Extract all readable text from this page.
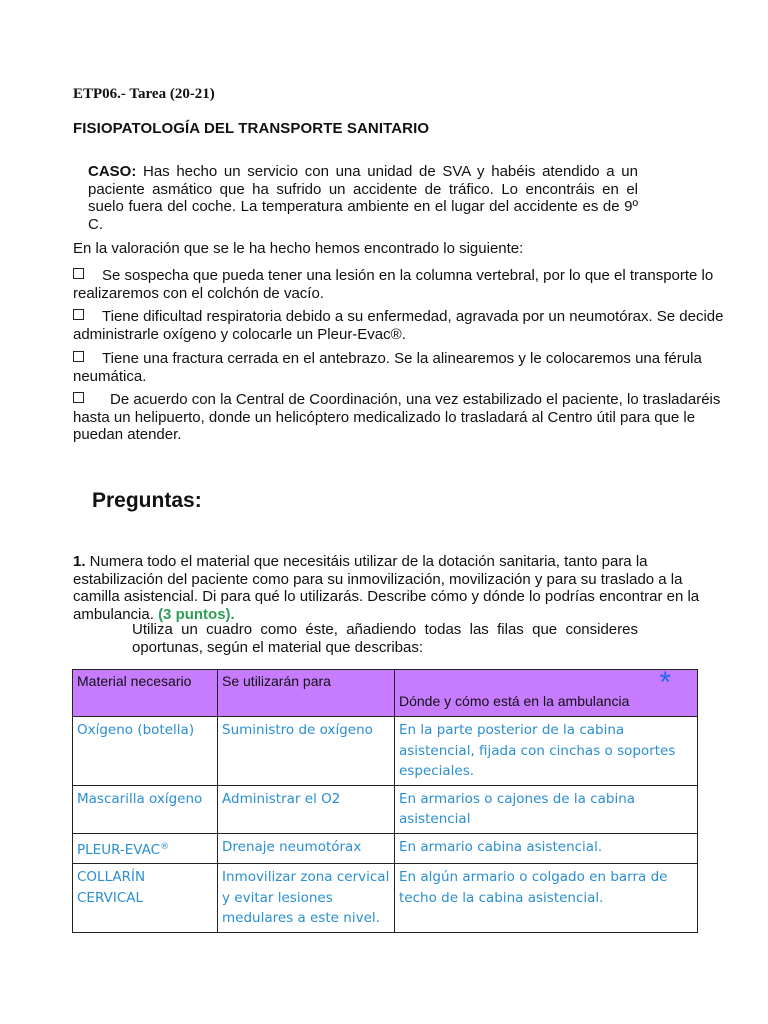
ETP06.- Tarea (20-21)
FISIOPATOLOGÍA DEL TRANSPORTE SANITARIO
CASO: Has hecho un servicio con una unidad de SVA y habéis atendido a un paciente asmático que ha sufrido un accidente de tráfico. Lo encontráis en el suelo fuera del coche. La temperatura ambiente en el lugar del accidente es de 9º C.
En la valoración que se le ha hecho hemos encontrado lo siguiente:
Se sospecha que pueda tener una lesión en la columna vertebral, por lo que el transporte lo realizaremos con el colchón de vacío.
Tiene dificultad respiratoria debido a su enfermedad, agravada por un neumotórax. Se decide administrarle oxígeno y colocarle un Pleur-Evac®.
Tiene una fractura cerrada en el antebrazo. Se la alinearemos y le colocaremos una férula neumática.
De acuerdo con la Central de Coordinación, una vez estabilizado el paciente, lo trasladaréis hasta un helipuerto, donde un helicóptero medicalizado lo trasladará al Centro útil para que le puedan atender.
Preguntas:
1. Numera todo el material que necesitáis utilizar de la dotación sanitaria, tanto para la estabilización del paciente como para su inmovilización, movilización y para su traslado a la camilla asistencial. Di para qué lo utilizarás. Describe cómo y dónde lo podrías encontrar en la ambulancia. (3 puntos).
Utiliza un cuadro como éste, añadiendo todas las filas que consideres oportunas, según el material que describas:
Material necesario	Se utilizarán para	Dónde y cómo está en la ambulancia
*

Oxígeno (botella)	Suministro de oxígeno	En la parte posterior de la cabina asistencial, fijada con cinchas o soportes especiales.
Mascarilla oxígeno	Administrar el O2	En armarios o cajones de la cabina asistencial
PLEUR-EVAC®	Drenaje neumotórax	En armario cabina asistencial.
COLLARÍN CERVICAL	Inmovilizar zona cervical y evitar lesiones medulares a este nivel.	En algún armario o colgado en barra de techo de la cabina asistencial.
